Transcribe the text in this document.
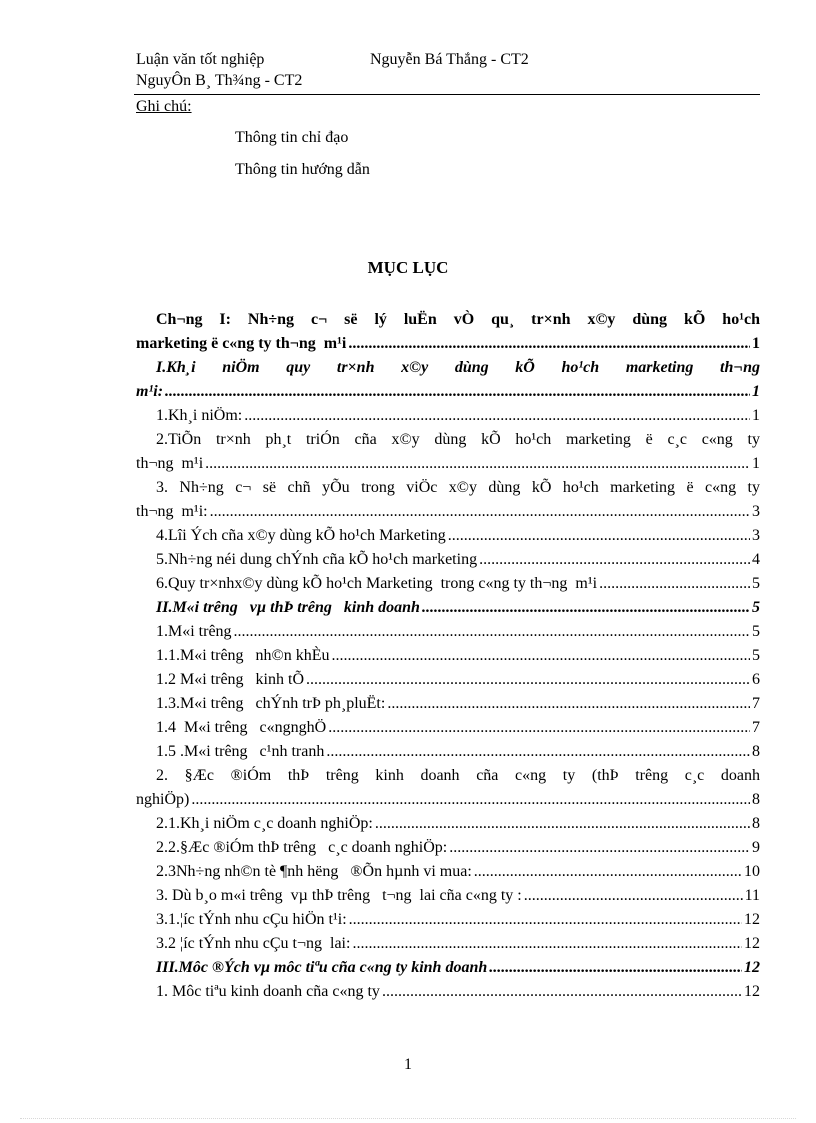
Luận văn tốt nghiệp	Nguyễn Bá Thắng - CT2
NguyÔn B¸ Th¾ng - CT2
Ghi chú:
Thông tin chỉ đạo
Thông tin hướng dẫn
MỤC LỤC
Ch¬ng I: Nh÷ng c¬ së lý luËn vÒ qu¸ tr×nh x©y dùng kÕ ho¹ch
marketing ë c«ng ty th¬ng  m¹i .....	1
I.Kh¸i niÖm quy tr×nh x©y dùng kÕ ho¹ch marketing th¬ng
m¹i: .....	1
1.Kh¸i niÖm: .....	1
2.TiÕn tr×nh ph¸t triÓn cña x©y dùng kÕ ho¹ch marketing ë c¸c c«ng ty
th¬ng  m¹i .....	1
3. Nh÷ng c¬ së chñ yÕu trong viÖc x©y dùng kÕ ho¹ch marketing ë c«ng ty
th¬ng  m¹i: .....	3
4.Lîi Ých cña x©y dùng kÕ ho¹ch Marketing .....	3
5.Nh÷ng néi dung chÝnh cña kÕ ho¹ch marketing .....	4
6.Quy tr×nhx©y dùng kÕ ho¹ch Marketing  trong c«ng ty th¬ng  m¹i .....	5
II.M«i trêng   vµ thÞ trêng   kinh doanh .....	5
1.M«i trêng .....	5
1.1.M«i trêng   nh©n khÈu .....	5
1.2 M«i trêng   kinh tÕ .....	6
1.3.M«i trêng   chÝnh trÞ ph¸pluËt: .....	7
1.4  M«i trêng   c«ngnghÖ .....	7
1.5 .M«i trêng   c¹nh tranh .....	8
2. §Æc ®iÓm thÞ trêng kinh doanh cña c«ng ty (thÞ trêng c¸c doanh
nghiÖp) .....	8
2.1.Kh¸i niÖm c¸c doanh nghiÖp: .....	8
2.2.§Æc ®iÓm thÞ trêng   c¸c doanh nghiÖp: .....	9
2.3Nh÷ng nh©n tè ¶nh hëng   ®Õn hµnh vi mua: .....	10
3. Dù b¸o m«i trêng  vµ thÞ trêng   t¬ng  lai cña c«ng ty : .....	11
3.1.¦íc tÝnh nhu cÇu hiÖn t¹i: .....	12
3.2 ¦íc tÝnh nhu cÇu t¬ng  lai: .....	12
III.Môc ®Ých vµ môc tiªu cña c«ng ty kinh doanh .....	12
1. Môc tiªu kinh doanh cña c«ng ty .....	12
1
